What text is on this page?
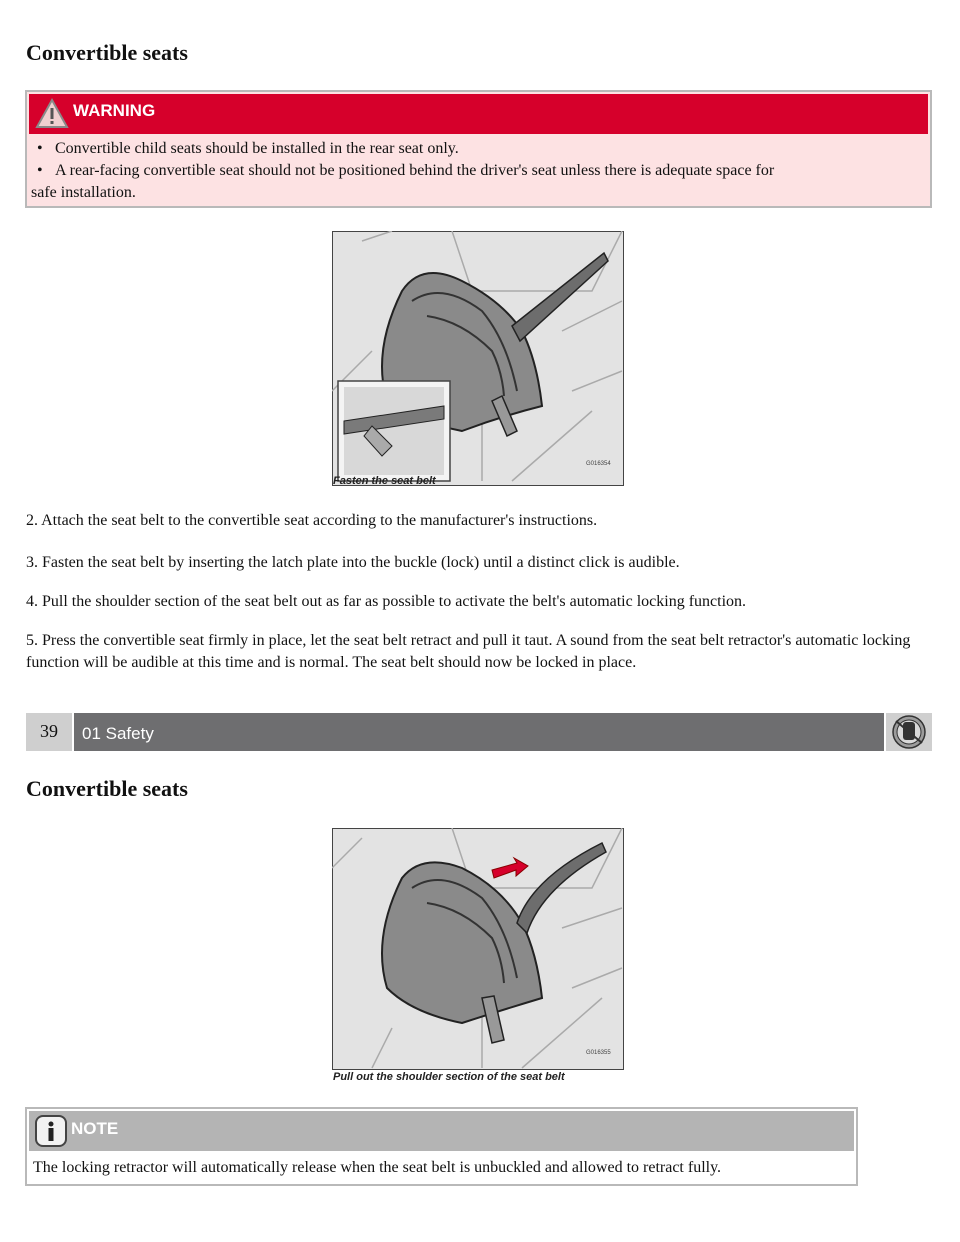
Convertible seats
WARNING
• Convertible child seats should be installed in the rear seat only.
• A rear-facing convertible seat should not be positioned behind the driver's seat unless there is adequate space for
safe installation.
G016354
Fasten the seat belt

2. Attach the seat belt to the convertible seat according to the manufacturer's instructions.

3. Fasten the seat belt by inserting the latch plate into the buckle (lock) until a distinct click is audible.

4. Pull the shoulder section of the seat belt out as far as possible to activate the belt's automatic locking function.

5. Press the convertible seat firmly in place, let the seat belt retract and pull it taut. A sound from the seat belt retractor's automatic locking function will be audible at this time and is normal. The seat belt should now be locked in place.

39	01 Safety
Convertible seats
G016355
Pull out the shoulder section of the seat belt
NOTE
The locking retractor will automatically release when the seat belt is unbuckled and allowed to retract fully.
